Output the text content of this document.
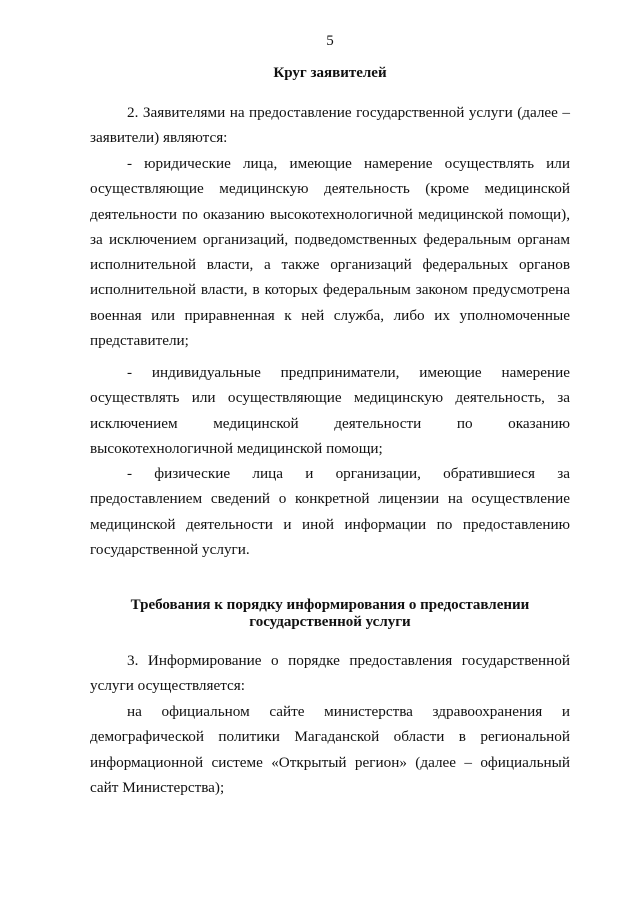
5
Круг заявителей

2. Заявителями на предоставление государственной услуги (далее – заявители) являются:

- юридические лица, имеющие намерение осуществлять или осуществляющие медицинскую деятельность (кроме медицинской деятельности по оказанию высокотехнологичной медицинской помощи), за исключением организаций, подведомственных федеральным органам исполнительной власти, а также организаций федеральных органов исполнительной власти, в которых федеральным законом предусмотрена военная или приравненная к ней служба, либо их уполномоченные представители;

- индивидуальные предприниматели, имеющие намерение осуществлять или осуществляющие медицинскую деятельность, за исключением медицинской деятельности по оказанию высокотехнологичной медицинской помощи;

- физические лица и организации, обратившиеся за предоставлением сведений о конкретной лицензии на осуществление медицинской деятельности и иной информации по предоставлению государственной услуги.

Требования к порядку информирования о предоставлении
государственной услуги

3. Информирование о порядке предоставления государственной услуги осуществляется:

на официальном сайте министерства здравоохранения и демографической политики Магаданской области в региональной информационной системе «Открытый регион» (далее – официальный сайт Министерства);
